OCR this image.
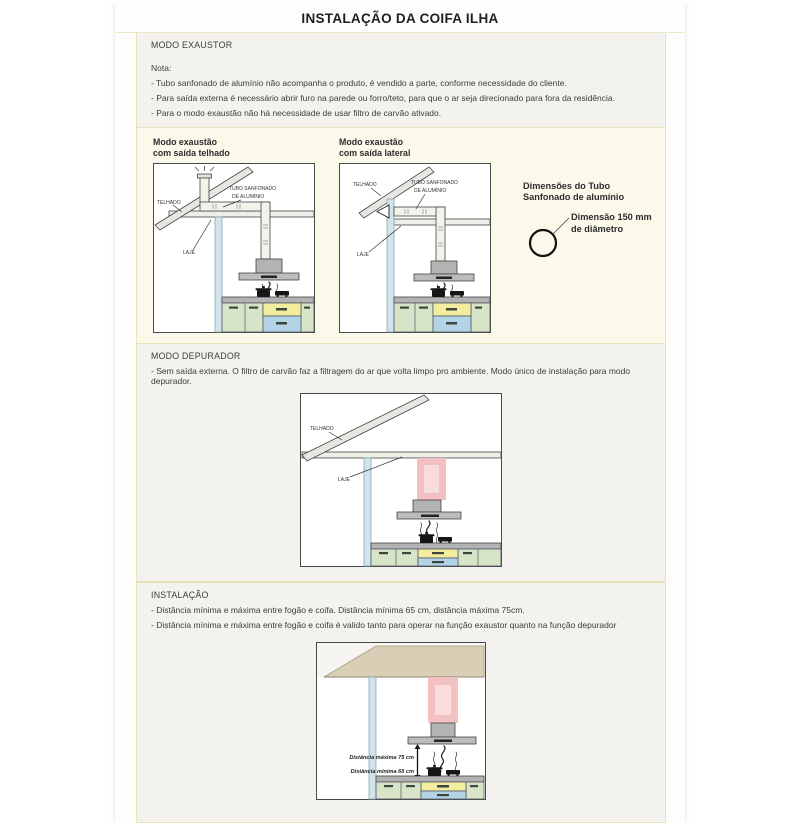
INSTALAÇÃO DA COIFA ILHA
MODO EXAUSTOR
Nota:
- Tubo sanfonado de alumínio não acompanha o produto, é vendido a parte, conforme necessidade do cliente.
- Para saída externa é necessário abrir furo na parede ou forro/teto, para que o ar seja direcionado para fora da residência.
- Para o modo exaustão não há necessidade de usar filtro de carvão ativado.
Modo exaustão
com saída telhado
TELHADO
TUBO SANFONADO
DE ALUMÍNIO
LAJE
Modo exaustão
com saída lateral
TELHADO	TUBO SANFONADO
DE ALUMÍNIO
LAJE
Dimensões do Tubo
Sanfonado de alumínio
Dimensão 150 mm
de diâmetro
MODO DEPURADOR
- Sem saída externa. O filtro de carvão faz a filtragem do ar que volta limpo pro ambiente. Modo único de instalação para modo depurador.
TELHADO
LAJE
INSTALAÇÃO
- Distância mínima e máxima entre fogão e coifa. Distância mínima 65 cm, distância máxima 75cm.
- Distância mínima e máxima entre fogão e coifa é valido tanto para operar na função exaustor quanto na função depurador
Distância máxima 75 cm
Distância mínima 65 cm
